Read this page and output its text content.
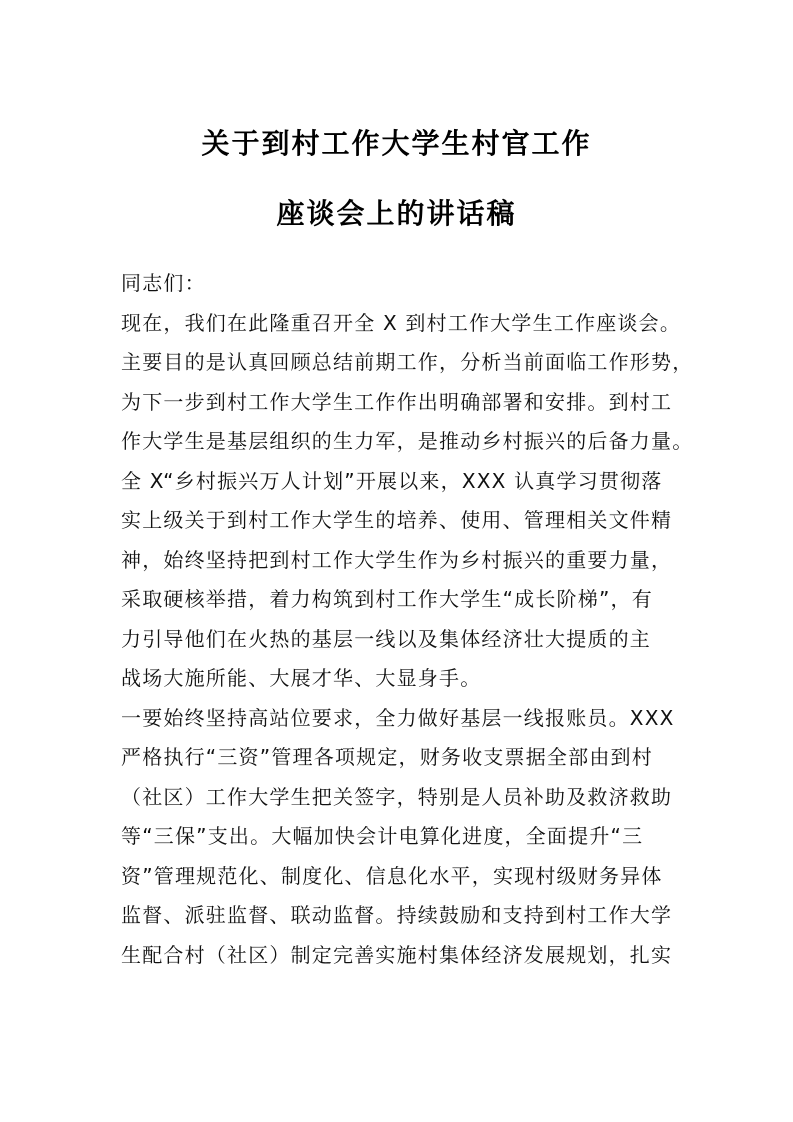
关于到村工作大学生村官工作
座谈会上的讲话稿
同志们：
现在，我们在此隆重召开全 X 到村工作大学生工作座谈会。
主要目的是认真回顾总结前期工作，分析当前面临工作形势，
为下一步到村工作大学生工作作出明确部署和安排。到村工
作大学生是基层组织的生力军，是推动乡村振兴的后备力量。
全 X“乡村振兴万人计划”开展以来，XXX 认真学习贯彻落
实上级关于到村工作大学生的培养、使用、管理相关文件精
神，始终坚持把到村工作大学生作为乡村振兴的重要力量，
采取硬核举措，着力构筑到村工作大学生“成长阶梯”，有
力引导他们在火热的基层一线以及集体经济壮大提质的主
战场大施所能、大展才华、大显身手。
一要始终坚持高站位要求，全力做好基层一线报账员。XXX
严格执行“三资”管理各项规定，财务收支票据全部由到村
（社区）工作大学生把关签字，特别是人员补助及救济救助
等“三保”支出。大幅加快会计电算化进度，全面提升“三
资”管理规范化、制度化、信息化水平，实现村级财务异体
监督、派驻监督、联动监督。持续鼓励和支持到村工作大学
生配合村（社区）制定完善实施村集体经济发展规划，扎实
